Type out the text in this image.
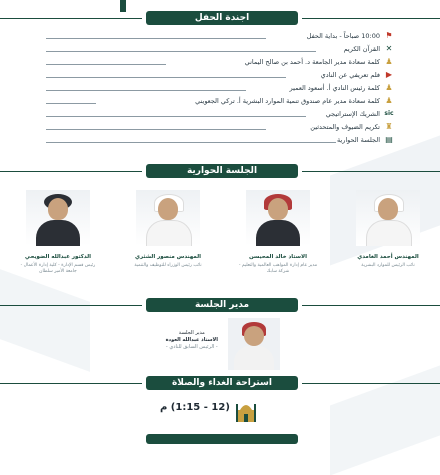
اجندة الحفل
10:00 صباحاً - بداية الحفل ⚑
القرآن الكريم ✕
كلمة سعادة مدير الجامعة د. أحمد بن صالح اليماني ♟
فلم تعريفي عن النادي ▶
كلمة رئيس النادي أ. أسعود العمير ♟
كلمة سعادة مدير عام صندوق تنمية الموارد البشرية أ. تركي الجعويني ♟
الشريك الإستراتيجي sic
تكريم الضيوف والمتحدثين ♜
الجلسة الحوارية ▤
الجلسة الحوارية
المهندس أحمد الغامدي
نائب الرئيس للموارد البشرية
الاستاذ خالد المحيسن
مدير عام إدارة المواهب العالمية والتعليم - شركة سابك
المهندس منصور الشثري
نائب رئيس الوزراء للتوظيف والتنمية
الدكتور عبدالله الضويحي
رئيس قسم الإدارة - كلية إدارة الأعمال - جامعة الأمير سلطان
مدير الجلسة
مدير الجلسة
الاستاذ عبدالله العودة
- الرئيس السابق للنادي -
استراحة الغداء والصلاة
(12 - 1:15) م
